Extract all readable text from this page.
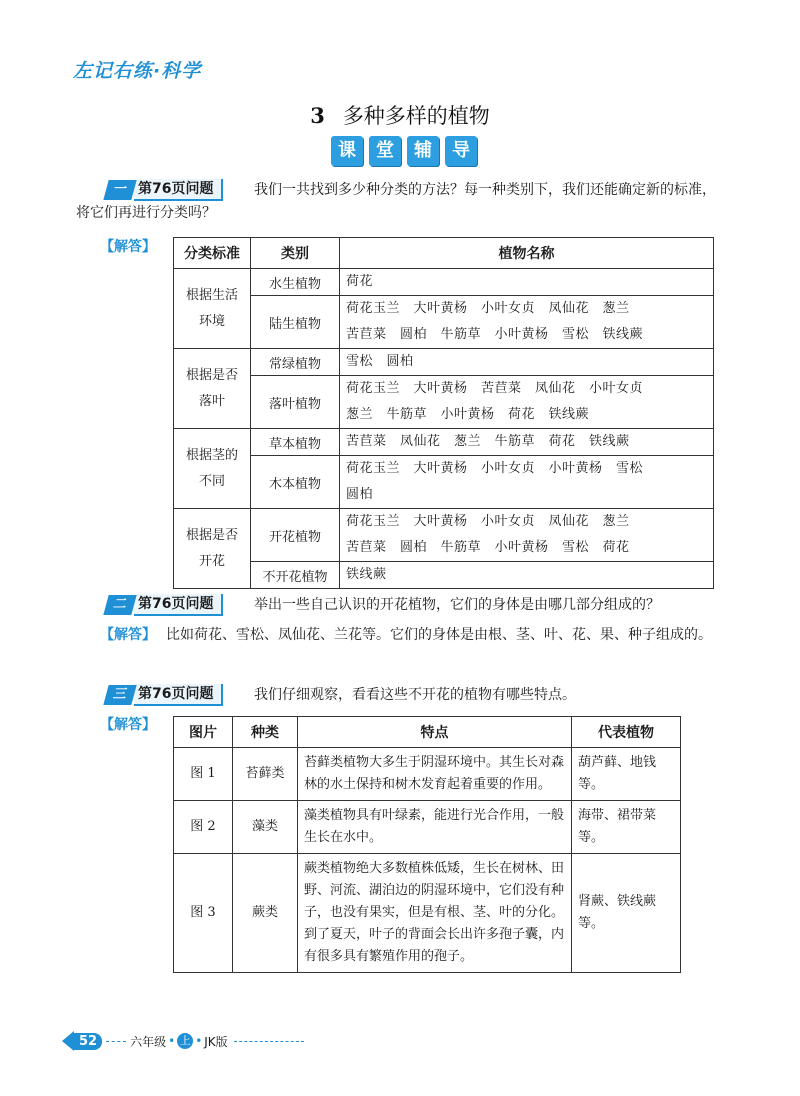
左记右练·科学
3 多种多样的植物
课	堂	辅	导
一 第76页问题	我们一共找到多少种分类的方法？每一种类别下，我们还能确定新的标准，将它们再进行分类吗？
【解答】 分类标准	类别	植物名称
根据生活环境	水生植物	荷花

	陆生植物	荷花玉兰　大叶黄杨　小叶女贞　凤仙花　葱兰
苦苣菜　圆柏　牛筋草　小叶黄杨　雪松　铁线蕨

根据是否落叶	常绿植物	雪松　圆柏

	落叶植物	荷花玉兰　大叶黄杨　苦苣菜　凤仙花　小叶女贞
葱兰　牛筋草　小叶黄杨　荷花　铁线蕨

根据茎的不同	草本植物	苦苣菜　凤仙花　葱兰　牛筋草　荷花　铁线蕨

	木本植物	荷花玉兰　大叶黄杨　小叶女贞　小叶黄杨　雪松
圆柏

根据是否开花	开花植物	荷花玉兰　大叶黄杨　小叶女贞　凤仙花　葱兰
苦苣菜　圆柏　牛筋草　小叶黄杨　雪松　荷花

	不开花植物	铁线蕨
二 第76页问题	举出一些自己认识的开花植物，它们的身体是由哪几部分组成的？
【解答】 比如荷花、雪松、凤仙花、兰花等。它们的身体是由根、茎、叶、花、果、种子组成的。
三 第76页问题	我们仔细观察，看看这些不开花的植物有哪些特点。
【解答】 图片	种类	特点	代表植物
图 1	苔藓类	苔藓类植物大多生于阴湿环境中。其生长对森林的水土保持和树木发育起着重要的作用。	葫芦藓、地钱等。
图 2	藻类	藻类植物具有叶绿素，能进行光合作用，一般生长在水中。	海带、裙带菜等。
图 3	蕨类	蕨类植物绝大多数植株低矮，生长在树林、田野、河流、湖泊边的阴湿环境中，它们没有种子，也没有果实，但是有根、茎、叶的分化。到了夏天，叶子的背面会长出许多孢子囊，内有很多具有繁殖作用的孢子。	肾蕨、铁线蕨等。
52	六年级 • 上 • JK版
